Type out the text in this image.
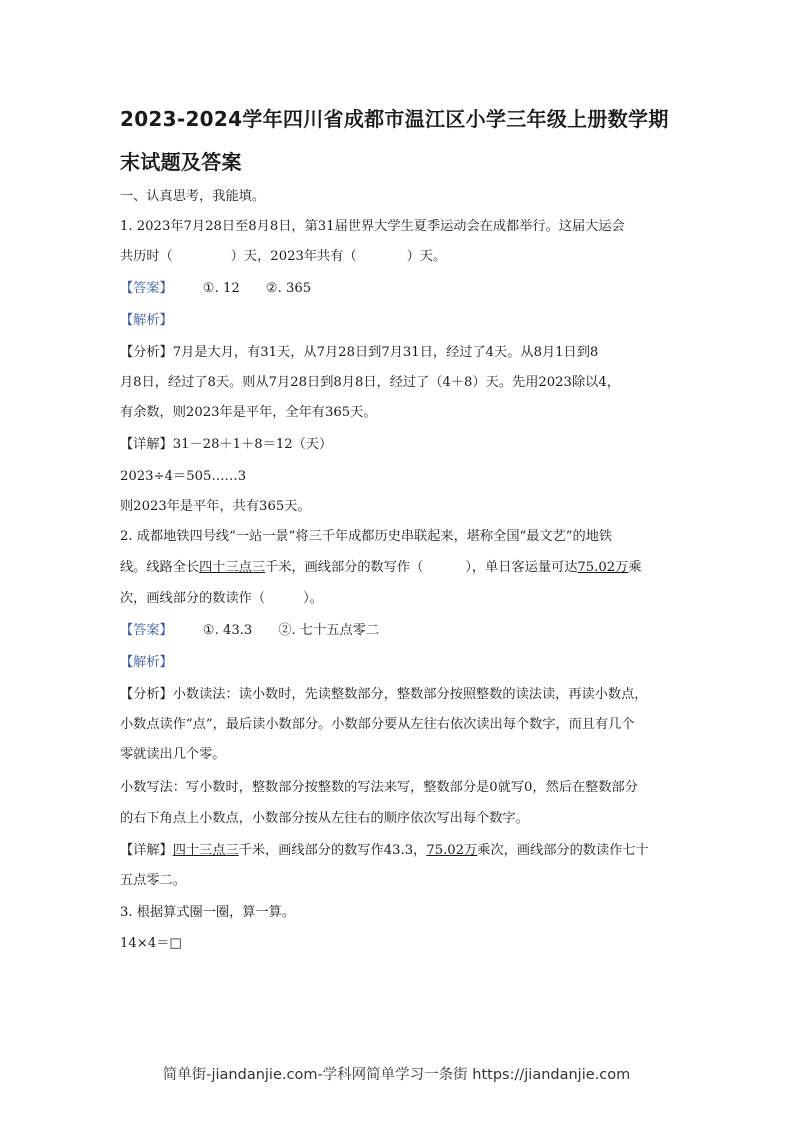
2023-2024学年四川省成都市温江区小学三年级上册数学期
末试题及答案
一、认真思考，我能填。
1. 2023年7月28日至8月8日，第31届世界大学生夏季运动会在成都举行。这届大运会
共历时（	）天，2023年共有（	）天。
【答案】 ①. 12 ②. 365
【解析】
【分析】7月是大月，有31天，从7月28日到7月31日，经过了4天。从8月1日到8
月8日，经过了8天。则从7月28日到8月8日，经过了（4＋8）天。先用2023除以4，
有余数，则2023年是平年，全年有365天。
【详解】31－28＋1＋8＝12（天）
2023÷4＝505……3
则2023年是平年，共有365天。
2. 成都地铁四号线“一站一景”将三千年成都历史串联起来，堪称全国“最文艺”的地铁
线。线路全长四十三点三千米，画线部分的数写作（	），单日客运量可达75.02万乘
次，画线部分的数读作（	）。
【答案】 ①. 43.3 ②. 七十五点零二
【解析】
【分析】小数读法：读小数时，先读整数部分，整数部分按照整数的读法读，再读小数点，
小数点读作“点”，最后读小数部分。小数部分要从左往右依次读出每个数字，而且有几个
零就读出几个零。
小数写法：写小数时，整数部分按整数的写法来写，整数部分是0就写0，然后在整数部分
的右下角点上小数点，小数部分按从左往右的顺序依次写出每个数字。
【详解】四十三点三千米，画线部分的数写作43.3，75.02万乘次，画线部分的数读作七十
五点零二。
3. 根据算式圈一圈，算一算。
14×4＝□
简单街-jiandanjie.com-学科网简单学习一条街 https://jiandanjie.com
